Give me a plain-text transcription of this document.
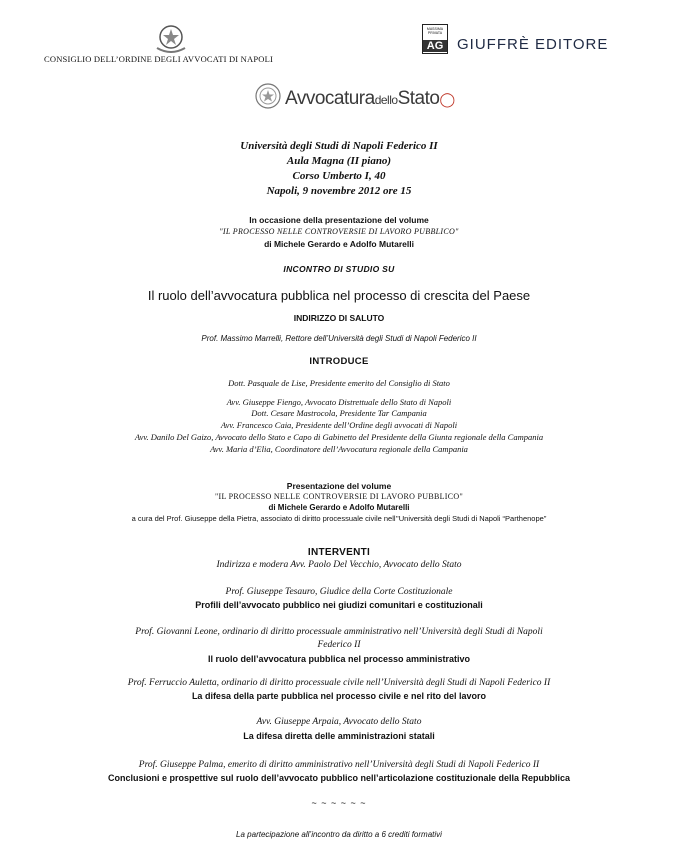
CONSIGLIO DELL’ORDINE DEGLI AVVOCATI DI NAPOLI
MASSIMA PRIVATA
AG GIUFFRÈ EDITORE
AvvocaturadelloStato◯
Università degli Studi di Napoli Federico II
Aula Magna (II piano)
Corso Umberto I, 40
Napoli, 9 novembre 2012 ore 15
In occasione della presentazione del volume
"IL PROCESSO NELLE CONTROVERSIE DI LAVORO PUBBLICO"
di Michele Gerardo e Adolfo Mutarelli
INCONTRO DI STUDIO SU
Il ruolo dell’avvocatura pubblica nel processo di crescita del Paese
INDIRIZZO DI SALUTO
Prof. Massimo Marrelli, Rettore dell’Università degli Studi di Napoli Federico II
INTRODUCE
Dott. Pasquale de Lise, Presidente emerito del Consiglio di Stato
Avv. Giuseppe Fiengo, Avvocato Distrettuale dello Stato di Napoli
Dott. Cesare Mastrocola, Presidente Tar Campania
Avv. Francesco Caia, Presidente dell’Ordine degli avvocati di Napoli
Avv. Danilo Del Gaizo, Avvocato dello Stato e Capo di Gabinetto del Presidente della Giunta regionale della Campania
Avv. Maria d’Elia, Coordinatore dell’Avvocatura regionale della Campania
Presentazione del volume
"IL PROCESSO NELLE CONTROVERSIE DI LAVORO PUBBLICO"
di Michele Gerardo e Adolfo Mutarelli
a cura del Prof. Giuseppe della Pietra, associato di diritto processuale civile nell’’Università degli Studi di Napoli “Parthenope”
INTERVENTI
Indirizza e modera Avv. Paolo Del Vecchio, Avvocato dello Stato
Prof. Giuseppe Tesauro, Giudice della Corte Costituzionale
Profili dell’avvocato pubblico nei giudizi comunitari e costituzionali
Prof. Giovanni Leone, ordinario di diritto processuale amministrativo nell’Università degli Studi di Napoli
Federico II
Il ruolo dell’avvocatura pubblica nel processo amministrativo
Prof. Ferruccio Auletta, ordinario di diritto processuale civile nell’Università degli Studi di Napoli Federico II
La difesa della parte pubblica nel processo civile e nel rito del lavoro
Avv. Giuseppe Arpaia, Avvocato dello Stato
La difesa diretta delle amministrazioni statali
Prof. Giuseppe Palma, emerito di diritto amministrativo nell’Università degli Studi di Napoli Federico II
Conclusioni e prospettive sul ruolo dell’avvocato pubblico nell’articolazione costituzionale della Repubblica
~ ~ ~ ~ ~ ~
La partecipazione all’incontro da diritto a 6 crediti formativi
